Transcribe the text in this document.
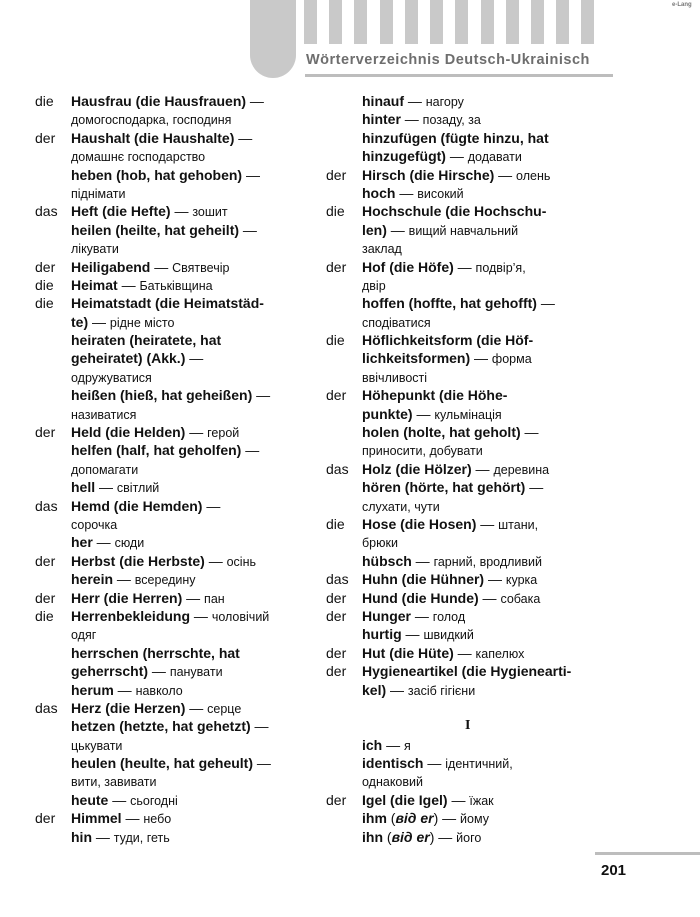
e-Lang
Wörterverzeichnis Deutsch-Ukrainisch
die Hausfrau (die Hausfrauen) —
домогосподарка, господиня
der Haushalt (die Haushalte) —
домашнє господарство
heben (hob, hat gehoben) —
піднімати
das Heft (die Hefte) — зошит
heilen (heilte, hat geheilt) —
лікувати
der Heiligabend — Святвечір
die Heimat — Батьківщина
die Heimatstadt (die Heimatstäd-
te) — рідне місто
heiraten (heiratete, hat
geheiratet) (Akk.) —
одружуватися
heißen (hieß, hat geheißen) —
називатися
der Held (die Helden) — герой
helfen (half, hat geholfen) —
допомагати
hell — світлий
das Hemd (die Hemden) —
сорочка
her — сюди
der Herbst (die Herbste) — осінь
herein — всередину
der Herr (die Herren) — пан
die Herrenbekleidung — чоловічий
одяг
herrschen (herrschte, hat
geherrscht) — панувати
herum — навколо
das Herz (die Herzen) — серце
hetzen (hetzte, hat gehetzt) —
цькувати
heulen (heulte, hat geheult) —
вити, завивати
heute — сьогодні
der Himmel — небо
hin — туди, геть
hinauf — нагору
hinter — позаду, за
hinzufügen (fügte hinzu, hat
hinzugefügt) — додавати
der Hirsch (die Hirsche) — олень
hoch — високий
die Hochschule (die Hochschu-
len) — вищий навчальний
заклад
der Hof (die Höfe) — подвір’я,
двір
hoffen (hoffte, hat gehofft) —
сподіватися
die Höflichkeitsform (die Höf-
lichkeitsformen) — форма
ввічливості
der Höhepunkt (die Höhe-
punkte) — кульмінація
holen (holte, hat geholt) —
приносити, добувати
das Holz (die Hölzer) — деревина
hören (hörte, hat gehört) —
слухати, чути
die Hose (die Hosen) — штани,
брюки
hübsch — гарний, вродливий
das Huhn (die Hühner) — курка
der Hund (die Hunde) — собака
der Hunger — голод
hurtig — швидкий
der Hut (die Hüte) — капелюх
der Hygieneartikel (die Hygienearti-
kel) — засіб гігієни
I
ich — я
identisch — ідентичний,
однаковий
der Igel (die Igel) — їжак
ihm (від er) — йому
ihn (від er) — його
201
